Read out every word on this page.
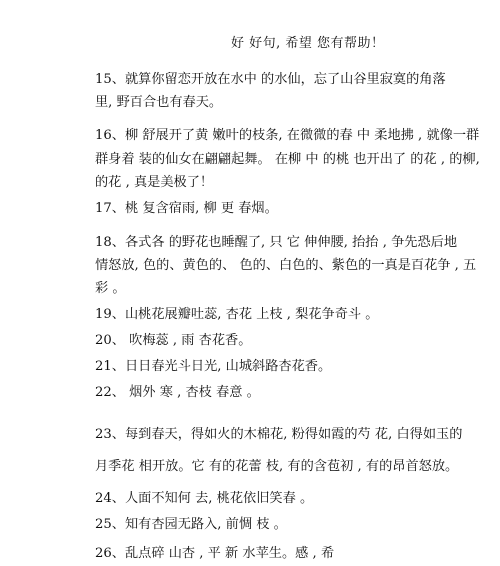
好 好句, 希望 您有帮助！
15、就算你留恋开放在水中 的水仙，忘了山谷里寂寞的角落
里, 野百合也有春天。
16、柳 舒展开了黄 嫩叶的枝条, 在微微的春 中 柔地拂 , 就像一群
群身着 装的仙女在翩翩起舞。 在柳 中 的桃 也开出了 的花 , 的柳,
的花 , 真是美极了！
17、桃 复含宿雨, 柳 更 春烟。
18、各式各 的野花也睡醒了, 只 它 伸伸腰, 抬抬 , 争先恐后地
情怒放, 色的、黄色的、 色的、白色的、紫色的一真是百花争 , 五
彩 。
19、山桃花展瓣吐蕊, 杏花 上枝 , 梨花争奇斗 。
20、 吹梅蕊 , 雨 杏花香。
21、日日春光斗日光, 山城斜路杏花香。
22、 烟外 寒 , 杏枝 春意 。
23、每到春天，得如火的木棉花, 粉得如霞的芍 花, 白得如玉的
月季花 相开放。它 有的花蕾 枝, 有的含苞初 , 有的昂首怒放。
24、人面不知何 去, 桃花依旧笑春 。
25、知有杏园无路入, 前惆 枝 。
26、乱点碎 山杏 , 平 新 水苹生。感 , 希
